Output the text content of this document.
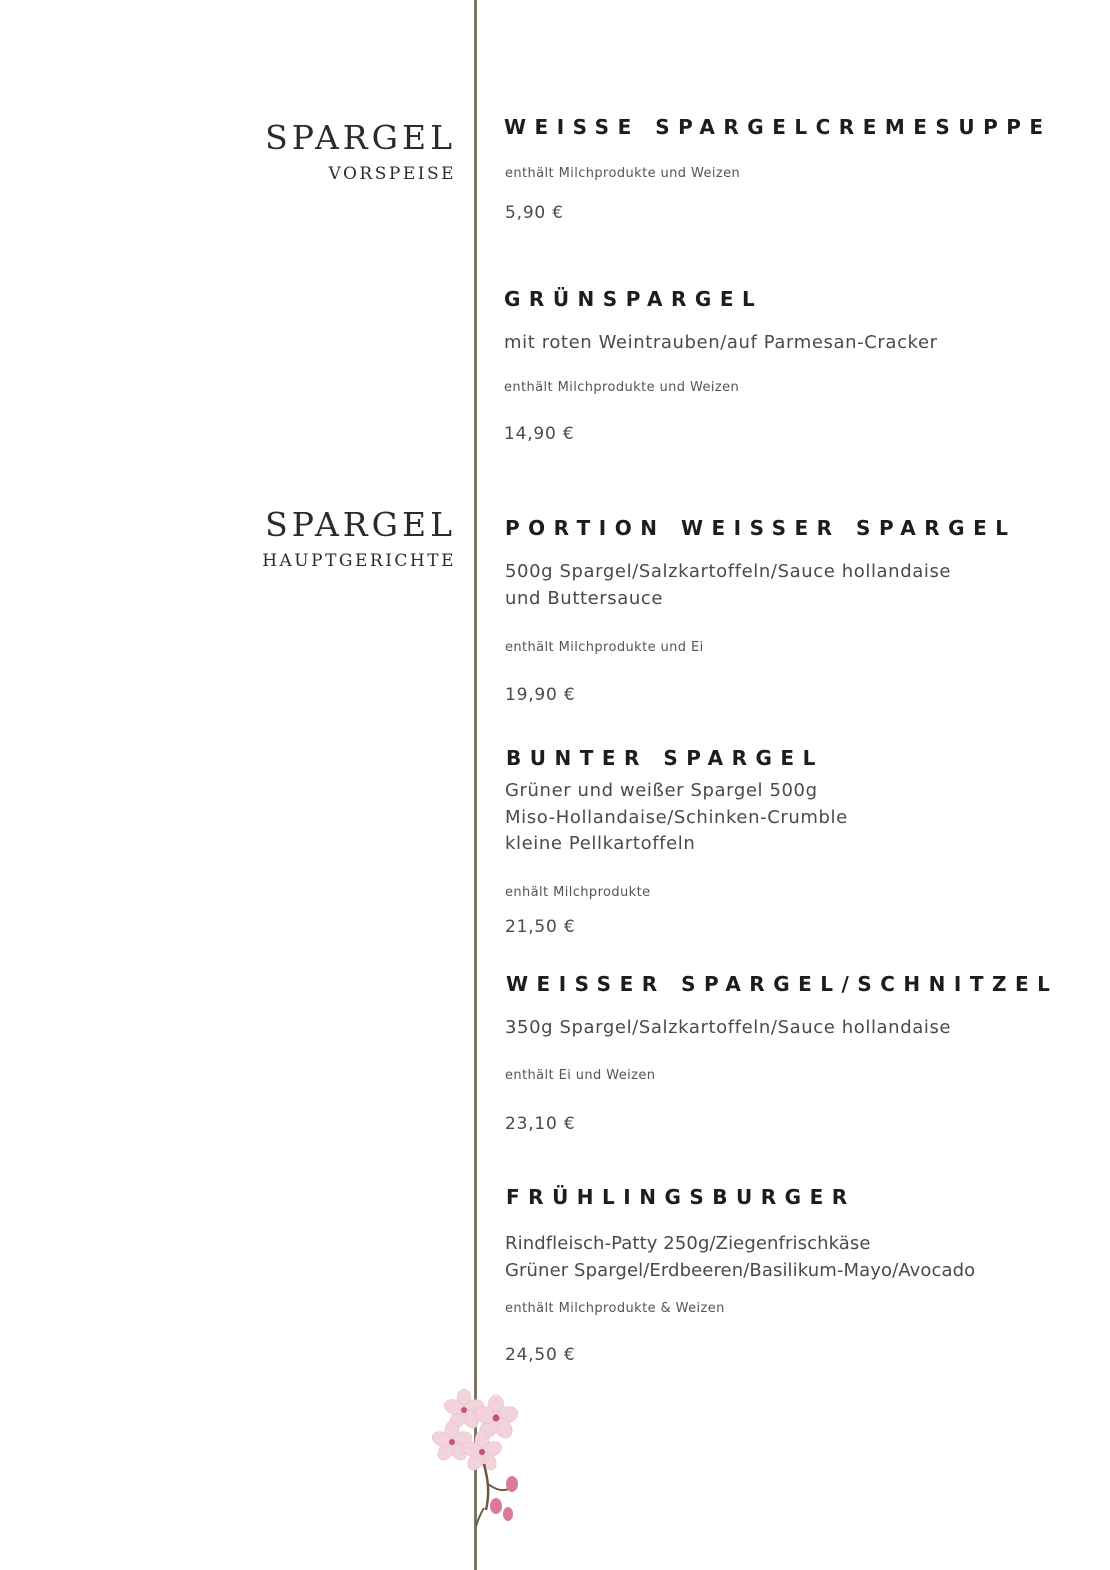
SPARGEL
VORSPEISE
SPARGEL
HAUPTGERICHTE
WEISSE SPARGELCREMESUPPE
enthält Milchprodukte und Weizen
5,90 €
GRÜNSPARGEL
mit roten Weintrauben/auf Parmesan-Cracker
enthält Milchprodukte und Weizen
14,90 €
PORTION WEISSER SPARGEL
500g Spargel/Salzkartoffeln/Sauce hollandaise
und Buttersauce
enthält Milchprodukte und Ei
19,90 €
BUNTER SPARGEL
Grüner und weißer Spargel 500g
Miso-Hollandaise/Schinken-Crumble
kleine Pellkartoffeln
enhält Milchprodukte
21,50 €
WEISSER SPARGEL/SCHNITZEL
350g Spargel/Salzkartoffeln/Sauce hollandaise
enthält Ei und Weizen
23,10 €
FRÜHLINGSBURGER
Rindfleisch-Patty 250g/Ziegenfrischkäse
Grüner Spargel/Erdbeeren/Basilikum-Mayo/Avocado
enthält Milchprodukte & Weizen
24,50 €
